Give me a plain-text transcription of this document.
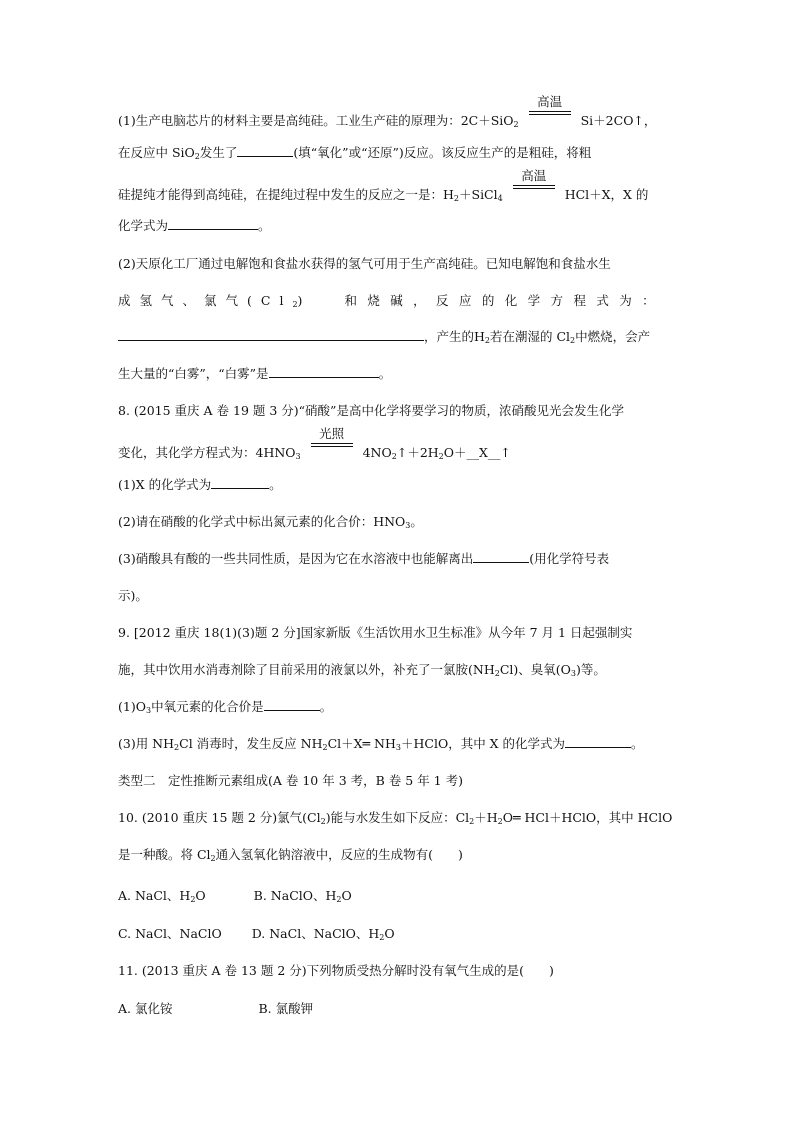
(1)生产电脑芯片的材料主要是高纯硅。工业生产硅的原理为：2C＋SiO$_2$
高温
Si＋2CO↑，
在反应中 SiO$_2$发生了	(填“氧化”或“还原”)反应。该反应生产的是粗硅，将粗
硅提纯才能得到高纯硅，在提纯过程中发生的反应之一是：$H_2+SiCl_4$
高温
HCl＋X，X 的
化学式为	。
(2)天原化工厂通过电解饱和食盐水获得的氢气可用于生产高纯硅。已知电解饱和食盐水生
成氢气、氯气$(Cl_2)$	和烧碱，反应的化学方程式为：
，产生的$H_2$若在潮湿的 $Cl_2$中燃烧，会产
生大量的“白雾”，“白雾”是	。
8. (2015 重庆 A 卷 19 题 3 分)“硝酸”是高中化学将要学习的物质，浓硝酸见光会发生化学
变化，其化学方程式为：$4HNO_3$
光照
$4NO_2↑+2H_2O+\_\_X\_\_↑$
(1)X 的化学式为	。
(2)请在硝酸的化学式中标出氮元素的化合价：$HNO_3$。
(3)硝酸具有酸的一些共同性质，是因为它在水溶液中也能解离出	(用化学符号表
示)。
9. [2012 重庆 18(1)(3)题 2 分]国家新版《生活饮用水卫生标准》从今年 7 月 1 日起强制实
施，其中饮用水消毒剂除了目前采用的液氯以外，补充了一氯胺$(NH_2Cl)$、臭氧$(O_3)$等。
$(1)O_3$中氧元素的化合价是	。
(3)用 $NH_2Cl$ 消毒时，发生反应 $NH_2Cl+X═$ $NH_3+HClO$，其中 X 的化学式为	。
类型二　定性推断元素组成(A 卷 10 年 3 考，B 卷 5 年 1 考)
10. (2010 重庆 15 题 2 分)氯气$(Cl_2)$能与水发生如下反应：$Cl_2+H_2O═$ HCl＋HClO，其中 HClO
是一种酸。将 $Cl_2$通入氢氧化钠溶液中，反应的生成物有(　　)
A. NaCl、$H_2O$	B. NaClO、$H_2O$
C. NaCl、NaClO D. NaCl、NaClO、$H_2O$
11. (2013 重庆 A 卷 13 题 2 分)下列物质受热分解时没有氧气生成的是(　　)
A. 氯化铵	B. 氯酸钾
